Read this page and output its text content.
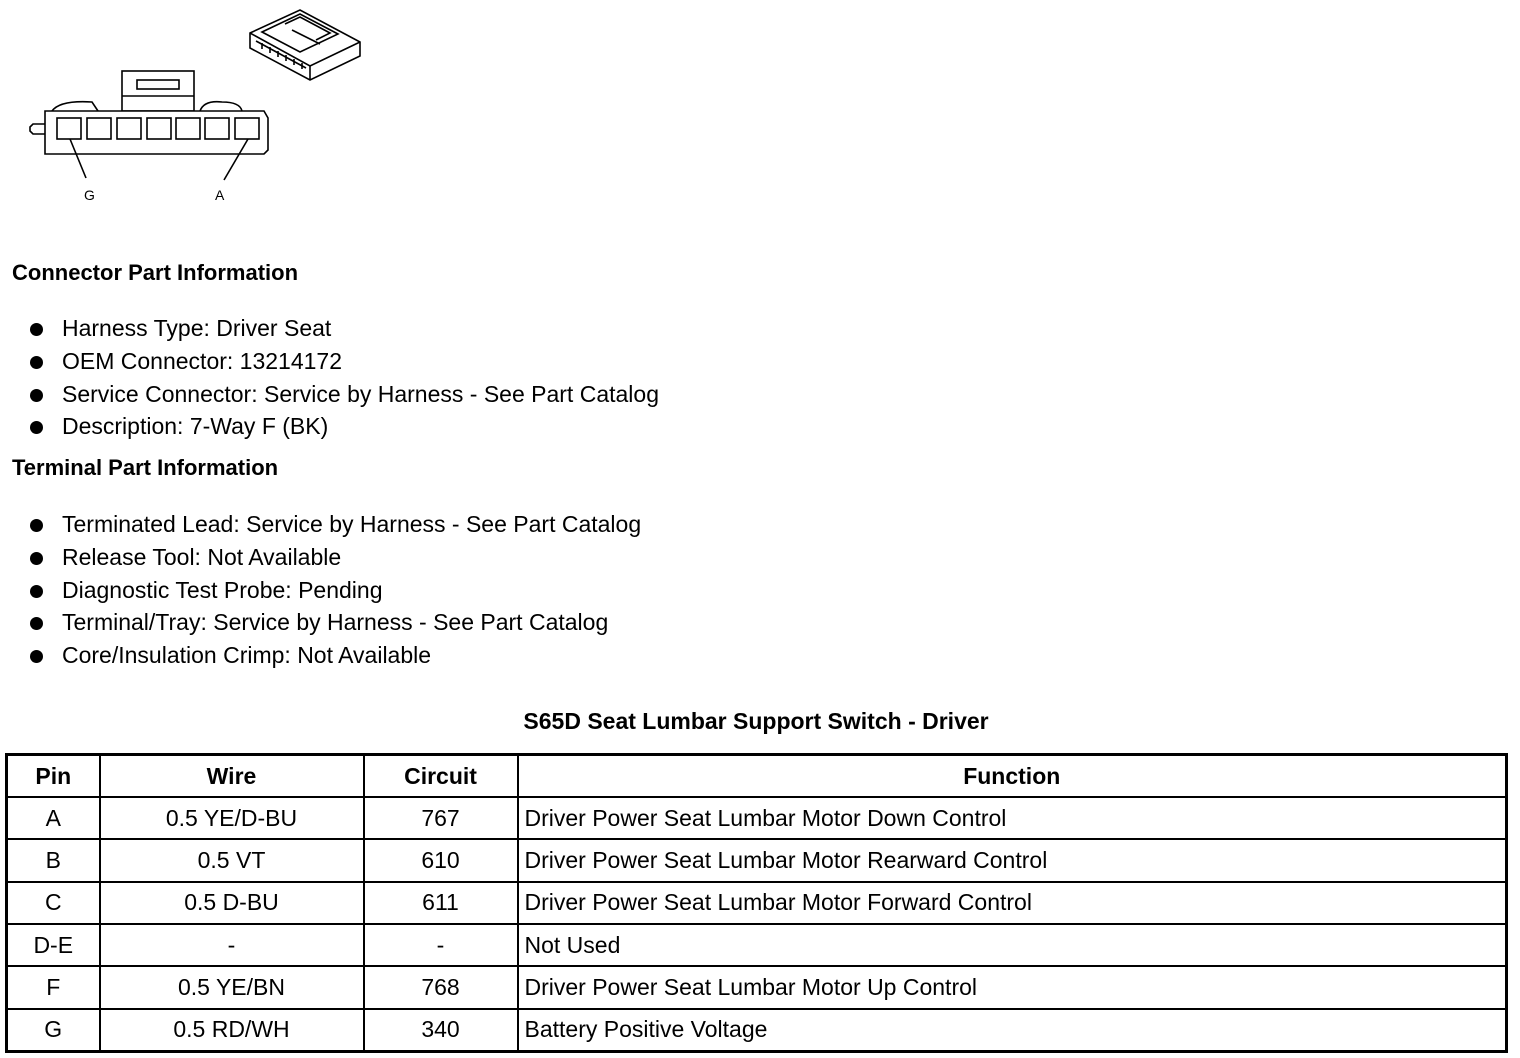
G	A
Connector Part Information
Harness Type: Driver Seat
OEM Connector: 13214172
Service Connector: Service by Harness - See Part Catalog
Description: 7-Way F (BK)
Terminal Part Information
Terminated Lead: Service by Harness - See Part Catalog
Release Tool: Not Available
Diagnostic Test Probe: Pending
Terminal/Tray: Service by Harness - See Part Catalog
Core/Insulation Crimp: Not Available
S65D Seat Lumbar Support Switch - Driver
Pin	Wire	Circuit	Function
A	0.5 YE/D-BU	767	Driver Power Seat Lumbar Motor Down Control
B	0.5 VT	610	Driver Power Seat Lumbar Motor Rearward Control
C	0.5 D-BU	611	Driver Power Seat Lumbar Motor Forward Control
D-E	-	-	Not Used
F	0.5 YE/BN	768	Driver Power Seat Lumbar Motor Up Control
G	0.5 RD/WH	340	Battery Positive Voltage
